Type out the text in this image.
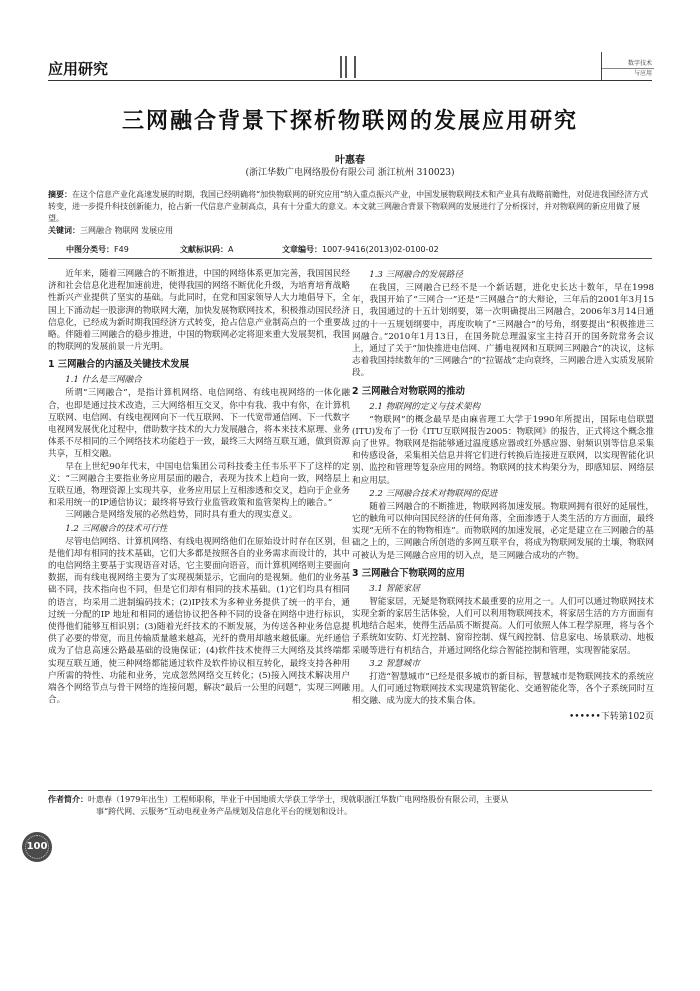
应用研究	数字技术
与应用
三网融合背景下探析物联网的发展应用研究
叶惠春
(浙江华数广电网络股份有限公司 浙江杭州 310023)
摘要：在这个信息产业化高速发展的时期，我国已经明确将“加快物联网的研究应用”纳入重点振兴产业，中国发展物联网技术和产业具有战略前瞻性，对促进我国经济方式转变，进一步提升科技创新能力，抢占新一代信息产业制高点，具有十分重大的意义。本文就三网融合背景下物联网的发展进行了分析探讨，并对物联网的新应用做了展望。
关键词：三网融合 物联网 发展应用
中图分类号：F49	文献标识码：A	文章编号：1007-9416(2013)02-0100-02

近年来，随着三网融合的不断推进，中国的网络体系更加完善，我国国民经济和社会信息化进程加速前进，使得我国的网络不断优化升级，为培育培育战略性新兴产业提供了坚实的基础。与此同时，在党和国家领导人大力地倡导下，全国上下涌动起一股澎湃的物联网大潮，加快发展物联网技术，积极推动国民经济信息化，已经成为新时期我国经济方式转变，抢占信息产业制高点的一个重要战略。伴随着三网融合的稳步推进，中国的物联网必定将迎来重大发展契机，我国的物联网的发展前景一片光明。

1 三网融合的内涵及关键技术发展
1.1 什么是三网融合

所谓“三网融合”，是指计算机网络、电信网络、有线电视网络的一体化融合，也即是通过技术改造，三大网络相互交叉，你中有我、我中有你，在计算机互联网、电信网、有线电视网向下一代互联网、下一代宽带通信网、下一代数字电视网发展优化过程中，借助数字技术的大力发展融合，将本来技术原理、业务体系不尽相同的三个网络技术功能趋于一致，最终三大网络互联互通，做到资源共享，互相交融。

早在上世纪90年代末，中国电信集团公司科技委主任韦乐平下了这样的定义：“三网融合主要指业务应用层面的融合，表现为技术上趋向一致，网络层上互联互通，物理资源上实现共享，业务应用层上互相渗透和交叉，趋向于企业务和采用统一的IP通信协议；最终将导致行业监管政策和监管架构上的融合。”

三网融合是网络发展的必然趋势，同时具有重大的现实意义。

1.2 三网融合的技术可行性

尽管电信网络、计算机网络、有线电视网络他们在原始设计时存在区别，但是他们却有相同的技术基础，它们大多都是按照各自的业务需求而设计的，其中的电信网络主要基于实现语音对话，它主要面向语音，而计算机网络则主要面向数据，而有线电视网络主要为了实现视频显示，它面向的是视频。他们的业务基础不同，技术指向也不同，但是它们却有相同的技术基础。(1)它们均具有相同的语言，均采用二进制编码技术；(2)IP技术为多种业务提供了统一的平台，通过统一分配的IP 地址和相同的通信协议把各种不同的设备在网络中进行标识，使得他们能够互相识别；(3)随着光纤技术的不断发展，为传送各种业务信息提供了必要的带宽，而且传输质量越来越高，光纤的费用却越来越低廉。光纤通信成为了信息高速公路最基础的设施保证；(4)软件技术使得三大网络及其终端都实现互联互通，使三种网络都能通过软件及软件协议相互转化，最终支持各种用户所需的特性、功能和业务，完成忽然网络交互转化；(5)接入网技术解决用户端各个网络节点与骨干网络的连接问题，解决“最后一公里的问题”，实现三网融合。

1.3 三网融合的发展路径

在我国，三网融合已经不是一个新话题，进化史长达十数年，早在1998年，我国开始了“三网合一”还是“三网融合”的大辩论，三年后的2001年3月15日，我国通过的十五计划纲要，第一次明确提出三网融合，2006年3月14日通过的十一五规划纲要中，再度吹响了“三网融合”的号角，纲要提出“积极推进三网融合。”2010年1月13日，在国务院总理温家宝主持召开的国务院常务会议上，通过了关于“加快推进电信网、广播电视网和互联网三网融合”的决议，这标志着我国持续数年的“三网融合”的“拉锯战”走向衰终，三网融合进入实质发展阶段。

2 三网融合对物联网的推动
2.1 物联网的定义与技术架构

“物联网”的概念最早是由麻省理工大学于1990年所提出，国际电信联盟(ITU)发布了一份《ITU互联网报告2005：物联网》的报告，正式将这个概念推向了世界。物联网是指能够通过温度感应器或红外感应器、射频识别等信息采集和传感设备，采集相关信息并将它们进行转换后连接进互联网，以实现智能化识别、监控和管理等复杂应用的网络。物联网的技术构架分为，即感知层、网络层和应用层。

2.2 三网融合技术对物联网的促进

随着三网融合的不断推进，物联网将加速发展。物联网拥有很好的延展性，它的触角可以伸向国民经济的任何角落，全面渗透于人类生活的方方面面，最终实现“无所不在的物物相连”。而物联网的加速发展，必定是建立在三网融合的基础之上的，三网融合所创造的多网互联平台，将成为物联网发展的土壤，物联网可被认为是三网融合应用的切入点，是三网融合成功的产物。

3 三网融合下物联网的应用
3.1 智能家居

智能家居，无疑是物联网技术最重要的应用之一。人们可以通过物联网技术实现全新的家居生活体验，人们可以利用物联网技术，将家居生活的方方面面有机地结合起来，使得生活品质不断提高。人们可依照人体工程学原理，将与各个子系统如安防、灯光控制、窗帘控制、煤气阀控制、信息家电、场景联动、地板采暖等进行有机结合，并通过网络化综合智能控制和管理，实现智能家居。

3.2 智慧城市

打造“智慧城市”已经是很多城市的新目标，智慧城市是物联网技术的系统应用。人们可通过物联网技术实现建筑智能化、交通智能化等，各个子系统同时互相交融、成为庞大的技术集合体。

••••••下转第102页
作者简介：叶惠春（1979年出生）工程师职称，毕业于中国地质大学获工学学士，现就职浙江华数广电网络股份有限公司，主要从
事“跨代网、云服务”互动电视业务产品规划及信息化平台的规划和设计。
100
